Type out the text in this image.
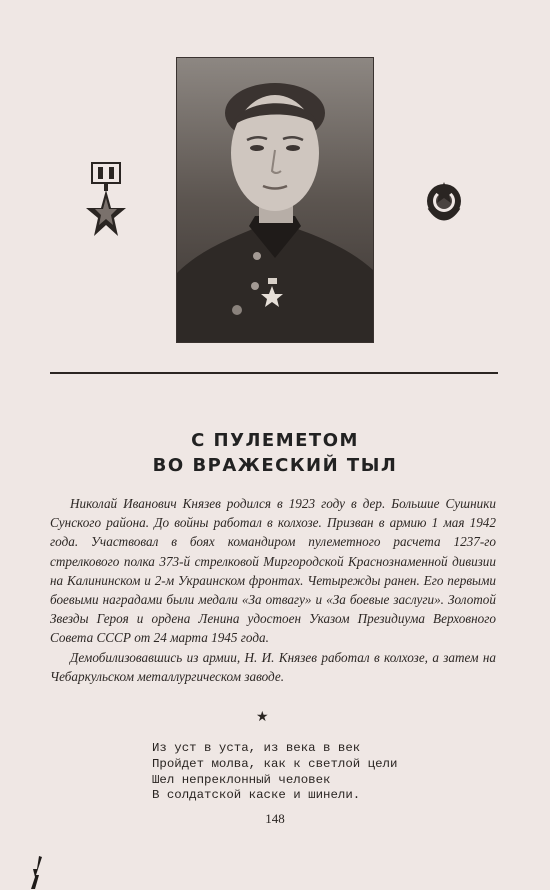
С ПУЛЕМЕТОМ
ВО ВРАЖЕСКИЙ ТЫЛ

Николай Иванович Князев родился в 1923 году в дер. Большие Сушники Сунского района. До войны работал в колхозе. Призван в армию 1 мая 1942 года. Участвовал в боях командиром пулеметного расчета 1237-го стрелкового полка 373-й стрелковой Миргородской Краснознаменной дивизии на Калининском и 2-м Украинском фронтах. Четырежды ранен. Его первыми боевыми наградами были медали «За отвагу» и «За боевые заслуги». Золотой Звезды Героя и ордена Ленина удостоен Указом Президиума Верховного Совета СССР от 24 марта 1945 года.

Демобилизовавшись из армии, Н. И. Князев работал в колхозе, а затем на Чебаркульском металлургическом заводе.

★
Из уст в уста, из века в век
Пройдет молва, как к светлой цели
Шел непреклонный человек
В солдатской каске и шинели.
148
